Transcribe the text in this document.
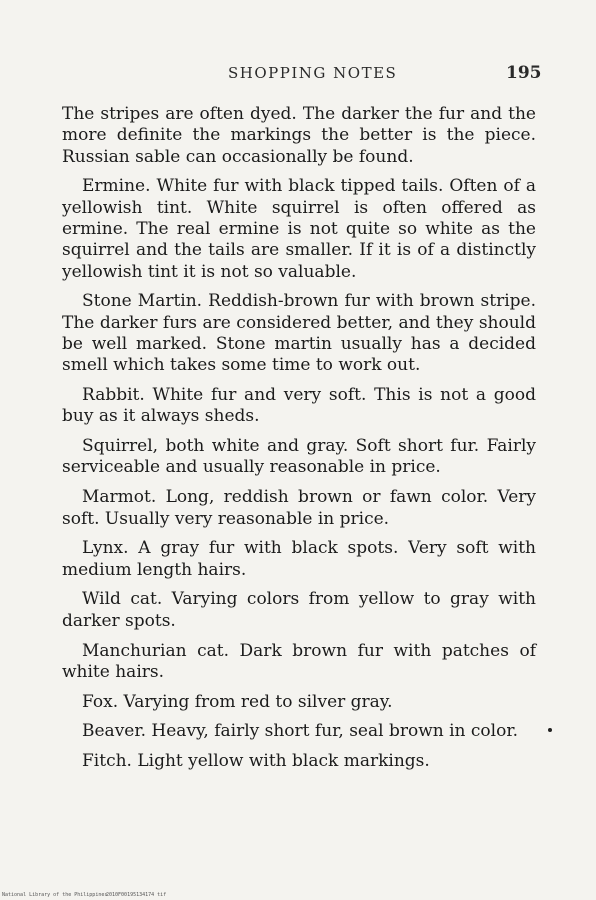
SHOPPING NOTES	195

The stripes are often dyed. The darker the fur and the more definite the markings the better is the piece. Russian sable can occasionally be found.

Ermine. White fur with black tipped tails. Often of a yellowish tint. White squirrel is often offered as ermine. The real ermine is not quite so white as the squirrel and the tails are smaller. If it is of a distinctly yellowish tint it is not so valuable.

Stone Martin. Reddish-brown fur with brown stripe. The darker furs are considered better, and they should be well marked. Stone martin usually has a decided smell which takes some time to work out.

Rabbit. White fur and very soft. This is not a good buy as it always sheds.

Squirrel, both white and gray. Soft short fur. Fairly serviceable and usually reasonable in price.

Marmot. Long, reddish brown or fawn color. Very soft. Usually very reasonable in price.

Lynx. A gray fur with black spots. Very soft with medium length hairs.

Wild cat. Varying colors from yellow to gray with darker spots.

Manchurian cat. Dark brown fur with patches of white hairs.

Fox. Varying from red to silver gray.

Beaver. Heavy, fairly short fur, seal brown in color.

Fitch. Light yellow with black markings.

National Library of the Philippines
2010F00195134174 tif
